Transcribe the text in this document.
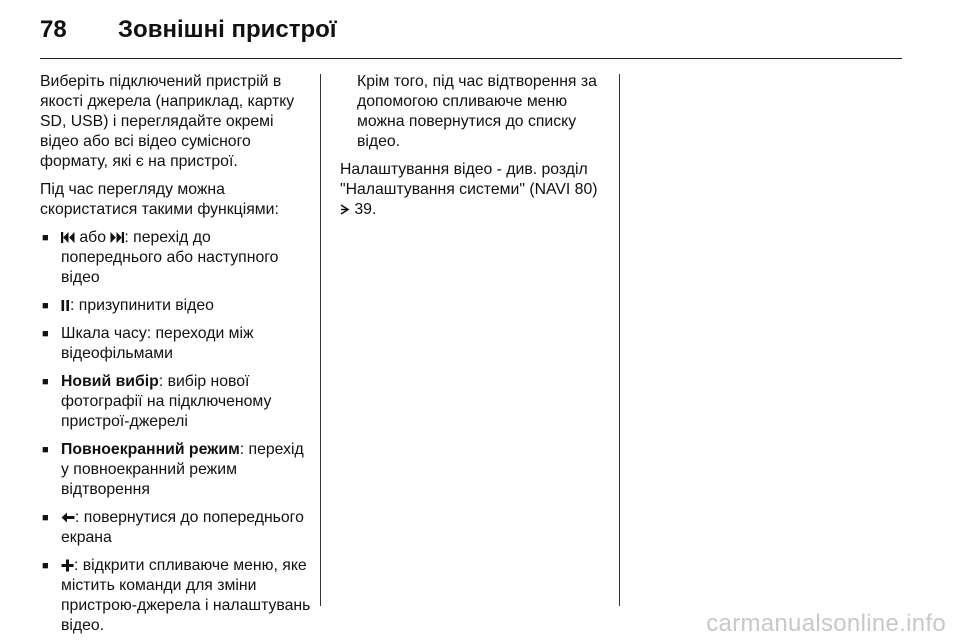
78 Зовнішні пристрої

Виберіть підключений пристрій в якості джерела (наприклад, картку SD, USB) і переглядайте окремі відео або всі відео сумісного формату, які є на пристрої.

Під час перегляду можна скористатися такими функціями:

■	або : перехід до попереднього або наступного відео
■	: призупинити відео
■ Шкала часу: переходи між відеофільмами
■ Новий вибір: вибір нової фотографії на підключеному пристрої-джерелі
■ Повноекранний режим: перехід у повноекранний режим відтворення
■	: повернутися до попереднього екрана
■	: відкрити спливаюче меню, яке містить команди для зміни пристрою-джерела і налаштувань відео.

Крім того, під час відтворення за допомогою спливаюче меню можна повернутися до списку відео.

Налаштування відео - див. розділ "Налаштування системи" (NAVI 80)
39.

carmanualsonline.info
